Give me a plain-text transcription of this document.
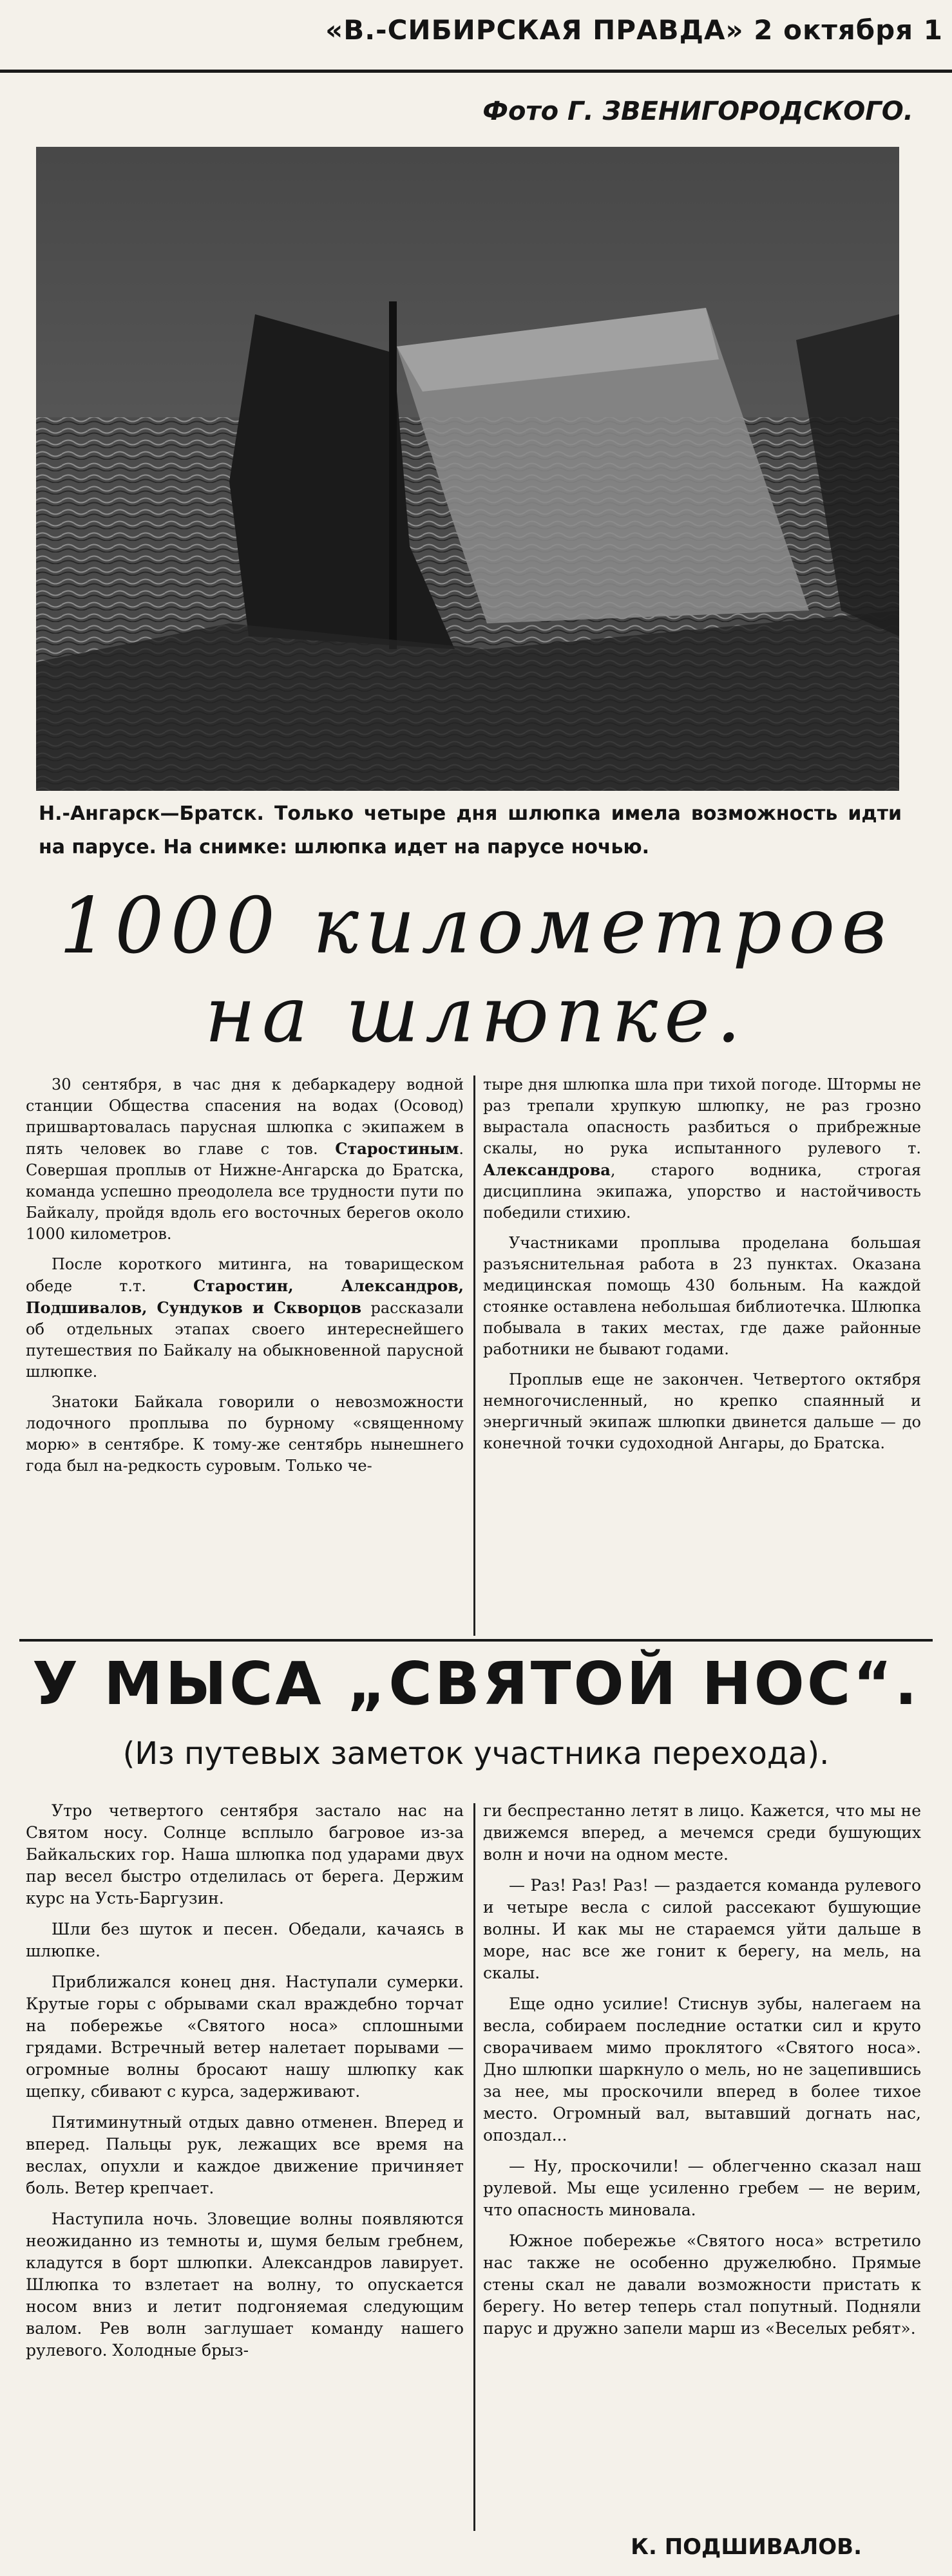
«В.-СИБИРСКАЯ ПРАВДА» 2 октября 1
Фото Г. ЗВЕНИГОРОДСКОГО.
Н.-Ангарск—Братск. Только четыре дня шлюпка имела возможность идти на парусе. На снимке: шлюпка идет на парусе ночью.
1000 километров на шлюпке.

30 сентября, в час дня к дебаркадеру водной станции Общества спасения на водах (Осовод) пришвартовалась парусная шлюпка с экипажем в пять человек во главе с тов. Старостиным. Совершая проплыв от Нижне-Ангарска до Братска, команда успешно преодолела все трудности пути по Байкалу, пройдя вдоль его восточных берегов около 1000 километров.

После короткого митинга, на товарищеском обеде т.т.	Старостин, Александров, Подшивалов, Сундуков и Скворцов рассказали об отдельных этапах своего интереснейшего путешествия по Байкалу на обыкновенной парусной шлюпке.

Знатоки Байкала говорили о невозможности лодочного проплыва по бурному «священному морю» в сентябре. К тому-же сентябрь нынешнего года был на-редкость суровым. Только че-

тыре дня шлюпка шла при тихой погоде. Штормы не раз трепали хрупкую шлюпку, не раз грозно вырастала опасность разбиться о прибрежные скалы, но рука испытанного рулевого т. Александрова, старого водника, строгая дисциплина экипажа, упорство и настойчивость победили стихию.

Участниками проплыва проделана большая разъяснительная работа в 23 пунктах. Оказана медицинская помощь 430 больным. На каждой стоянке оставлена небольшая библиотечка. Шлюпка побывала в таких местах, где даже районные работники не бывают годами.

Проплыв еще не закончен. Четвертого октября немногочисленный, но крепко спаянный и энергичный экипаж шлюпки двинется дальше — до конечной точки судоходной Ангары, до Братска.

У МЫСА „СВЯТОЙ НОС“.
(Из путевых заметок участника перехода).

Утро четвертого сентября застало нас на Святом носу. Солнце всплыло багровое из-за Байкальских гор. Наша шлюпка под ударами двух пар весел быстро отделилась от берега. Держим курс на Усть-Баргузин.

Шли без шуток и песен. Обедали, качаясь в шлюпке.

Приближался конец дня. Наступали сумерки. Крутые горы с обрывами скал враждебно торчат на побережье «Святого носа» сплошными грядами. Встречный ветер налетает порывами — огромные волны бросают нашу шлюпку как щепку, сбивают с курса, задерживают.

Пятиминутный отдых давно отменен. Вперед и вперед. Пальцы рук, лежащих все время на веслах, опухли и каждое движение причиняет боль. Ветер крепчает.

Наступила ночь. Зловещие волны появляются неожиданно из темноты и, шумя белым гребнем, кладутся в борт шлюпки. Александров лавирует. Шлюпка то взлетает на волну, то опускается носом вниз и летит подгоняемая следующим валом. Рев волн заглушает команду нашего рулевого. Холодные брыз-

ги беспрестанно летят в лицо. Кажется, что мы не движемся вперед, а мечемся среди бушующих волн и ночи на одном месте.

— Раз! Раз! Раз! — раздается команда рулевого и четыре весла с силой рассекают бушующие волны. И как мы не стараемся уйти дальше в море, нас все же гонит к берегу, на мель, на скалы.

Еще одно усилие! Стиснув зубы, налегаем на весла, собираем последние остатки сил и круто сворачиваем мимо проклятого «Святого носа». Дно шлюпки шаркнуло о мель, но не зацепившись за нее, мы проскочили вперед в более тихое место. Огромный вал, вытавший догнать нас, опоздал...

— Ну, проскочили! — облегченно сказал наш рулевой. Мы еще усиленно гребем — не верим, что опасность миновала.

Южное побережье «Святого носа» встретило нас также не особенно дружелюбно. Прямые стены скал не давали возможности пристать к берегу. Но ветер теперь стал попутный. Подняли парус и дружно запели марш из «Веселых ребят».

К. ПОДШИВАЛОВ.
